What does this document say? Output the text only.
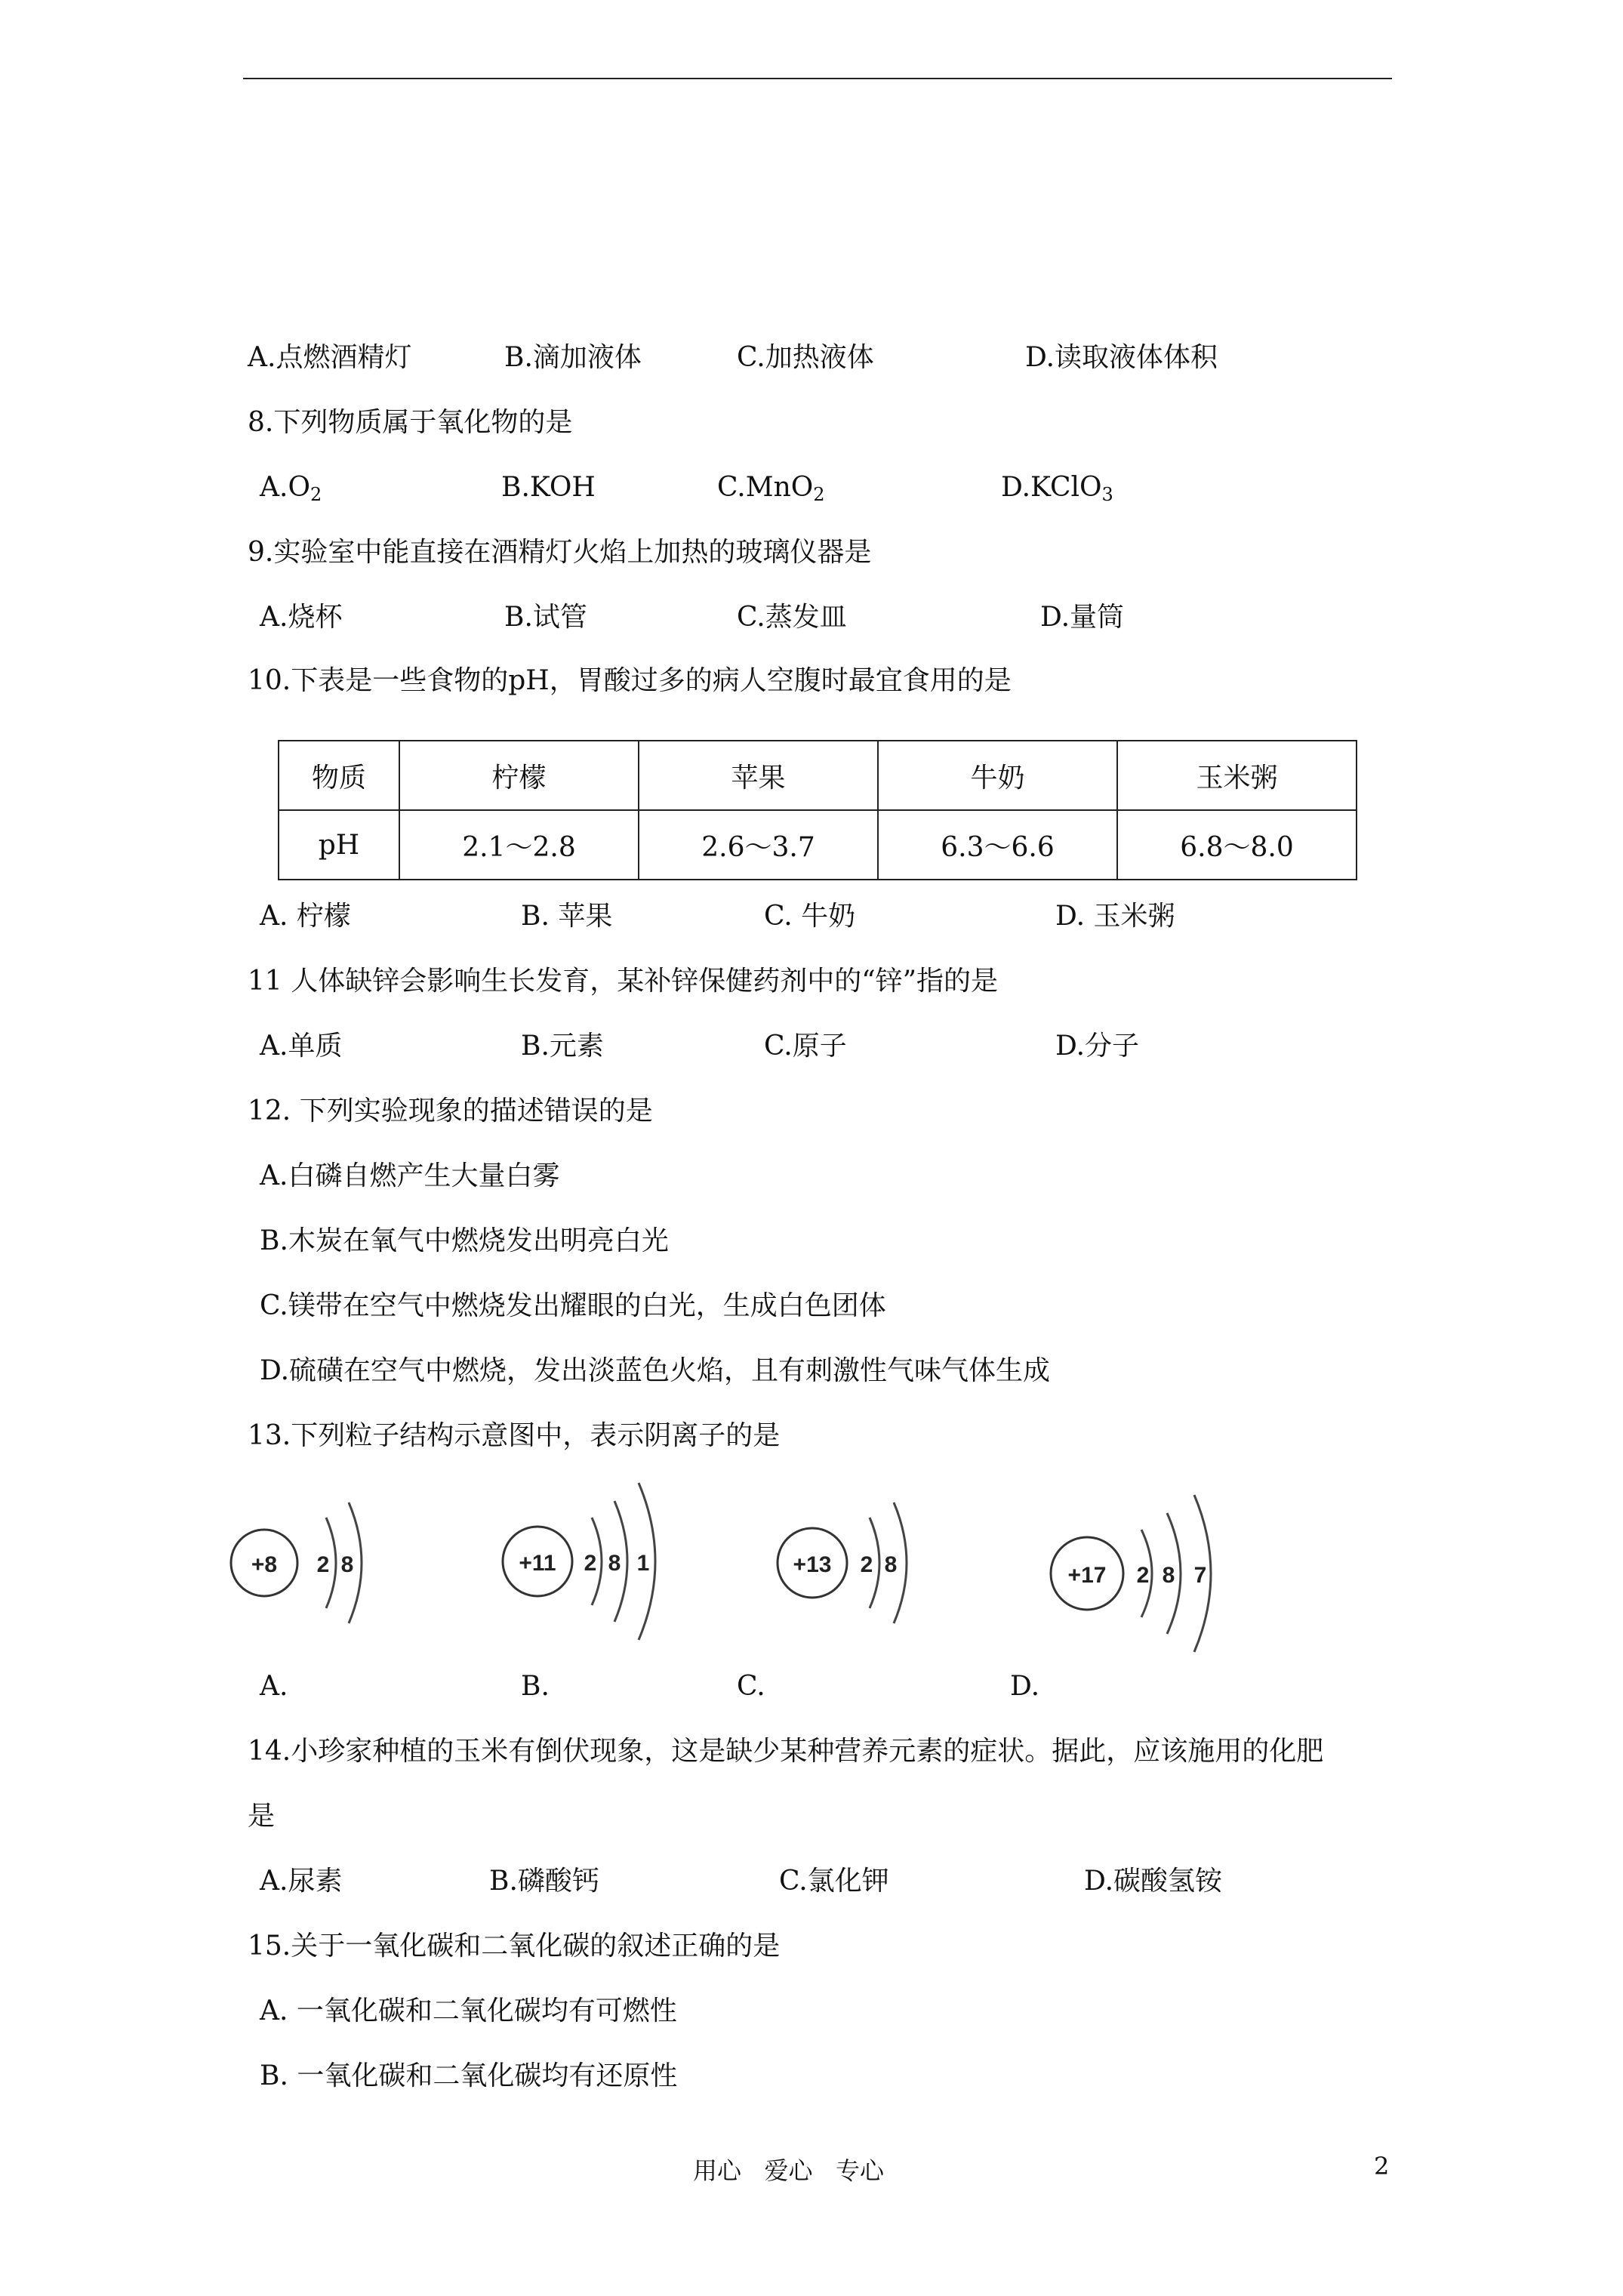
A.点燃酒精灯	B.滴加液体	C.加热液体	D.读取液体体积
8.下列物质属于氧化物的是
$A.O_2$	B.KOH	C.MnO$_2$	D.KClO$_3$
9.实验室中能直接在酒精灯火焰上加热的玻璃仪器是
A.烧杯	B.试管	C.蒸发皿	D.量筒
10.下表是一些食物的pH，胃酸过多的病人空腹时最宜食用的是
物质	柠檬	苹果	牛奶	玉米粥
pH	2.1～2.8	2.6～3.7	6.3～6.6	6.8～8.0
A. 柠檬	B. 苹果	C. 牛奶	D. 玉米粥
11 人体缺锌会影响生长发育，某补锌保健药剂中的“锌”指的是
A.单质	B.元素	C.原子	D.分子
12. 下列实验现象的描述错误的是
A.白磷自燃产生大量白雾
B.木炭在氧气中燃烧发出明亮白光
C.镁带在空气中燃烧发出耀眼的白光，生成白色团体
D.硫磺在空气中燃烧，发出淡蓝色火焰，且有刺激性气味气体生成
13.下列粒子结构示意图中，表示阴离子的是
+8 2 8	+11 2 8 1	+13 2 8	+17 2 8 7
A.	B.	C.	D.
14.小珍家种植的玉米有倒伏现象，这是缺少某种营养元素的症状。据此，应该施用的化肥
是
A.尿素	B.磷酸钙	C.氯化钾	D.碳酸氢铵
15.关于一氧化碳和二氧化碳的叙述正确的是
A. 一氧化碳和二氧化碳均有可燃性
B. 一氧化碳和二氧化碳均有还原性
用心   爱心   专心	2
